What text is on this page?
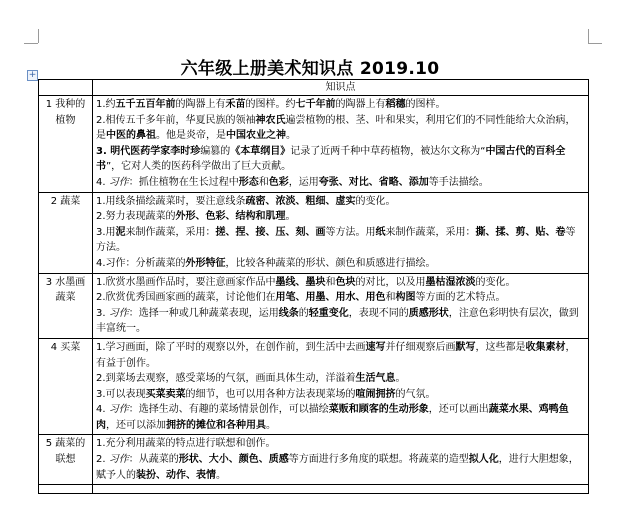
+	六年级上册美术知识点 2019.10
	知识点
1 我种的植物	1.约五千五百年前的陶器上有禾苗的图样。约七千年前的陶器上有稻穗的图样。
2.相传五千多年前，华夏民族的领袖神农氏遍尝植物的根、茎、叶和果实，利用它们的不同性能给大众治病，是中医的鼻祖。他是炎帝，是中国农业之神。
3. 明代医药学家李时珍编篡的《本草纲目》记录了近两千种中草药植物，被达尔文称为“中国古代的百科全书”，它对人类的医药科学做出了巨大贡献。
4. 习作：抓住植物在生长过程中形态和色彩，运用夸张、对比、省略、添加等手法描绘。

2 蔬菜	1.用线条描绘蔬菜时，要注意线条疏密、浓淡、粗细、虚实的变化。
2.努力表现蔬菜的外形、色彩、结构和肌理。
3.用泥来制作蔬菜，采用：搓、捏、接、压、刻、画等方法。用纸来制作蔬菜，采用：撕、揉、剪、贴、卷等方法。
4.习作：分析蔬菜的外形特征，比较各种蔬菜的形状、颜色和质感进行描绘。

3 水墨画蔬菜	1.欣赏水墨画作品时，要注意画家作品中墨线、墨块和色块的对比，以及用墨枯湿浓淡的变化。
2.欣赏优秀国画家画的蔬菜，讨论他们在用笔、用墨、用水、用色和构图等方面的艺术特点。
3. 习作：选择一种或几种蔬菜表现，运用线条的轻重变化，表现不同的质感形状，注意色彩明快有层次，做到丰富统一。

4 买菜	1.学习画面，除了平时的观察以外，在创作前，到生活中去画速写并仔细观察后画默写，这些都是收集素材，有益于创作。
2.到菜场去观察，感受菜场的气氛，画面具体生动，洋溢着生活气息。
3.可以表现买菜卖菜的细节，也可以用各种方法表现菜场的喧闹拥挤的气氛。
4. 习作：选择生动、有趣的菜场情景创作，可以描绘菜贩和顾客的生动形象，还可以画出蔬菜水果、鸡鸭鱼肉，还可以添加拥挤的摊位和各种用具。

5 蔬菜的联想	1.充分利用蔬菜的特点进行联想和创作。
2. 习作：从蔬菜的形状、大小、颜色、质感等方面进行多角度的联想。将蔬菜的造型拟人化，进行大胆想象，赋予人的装扮、动作、表情。
